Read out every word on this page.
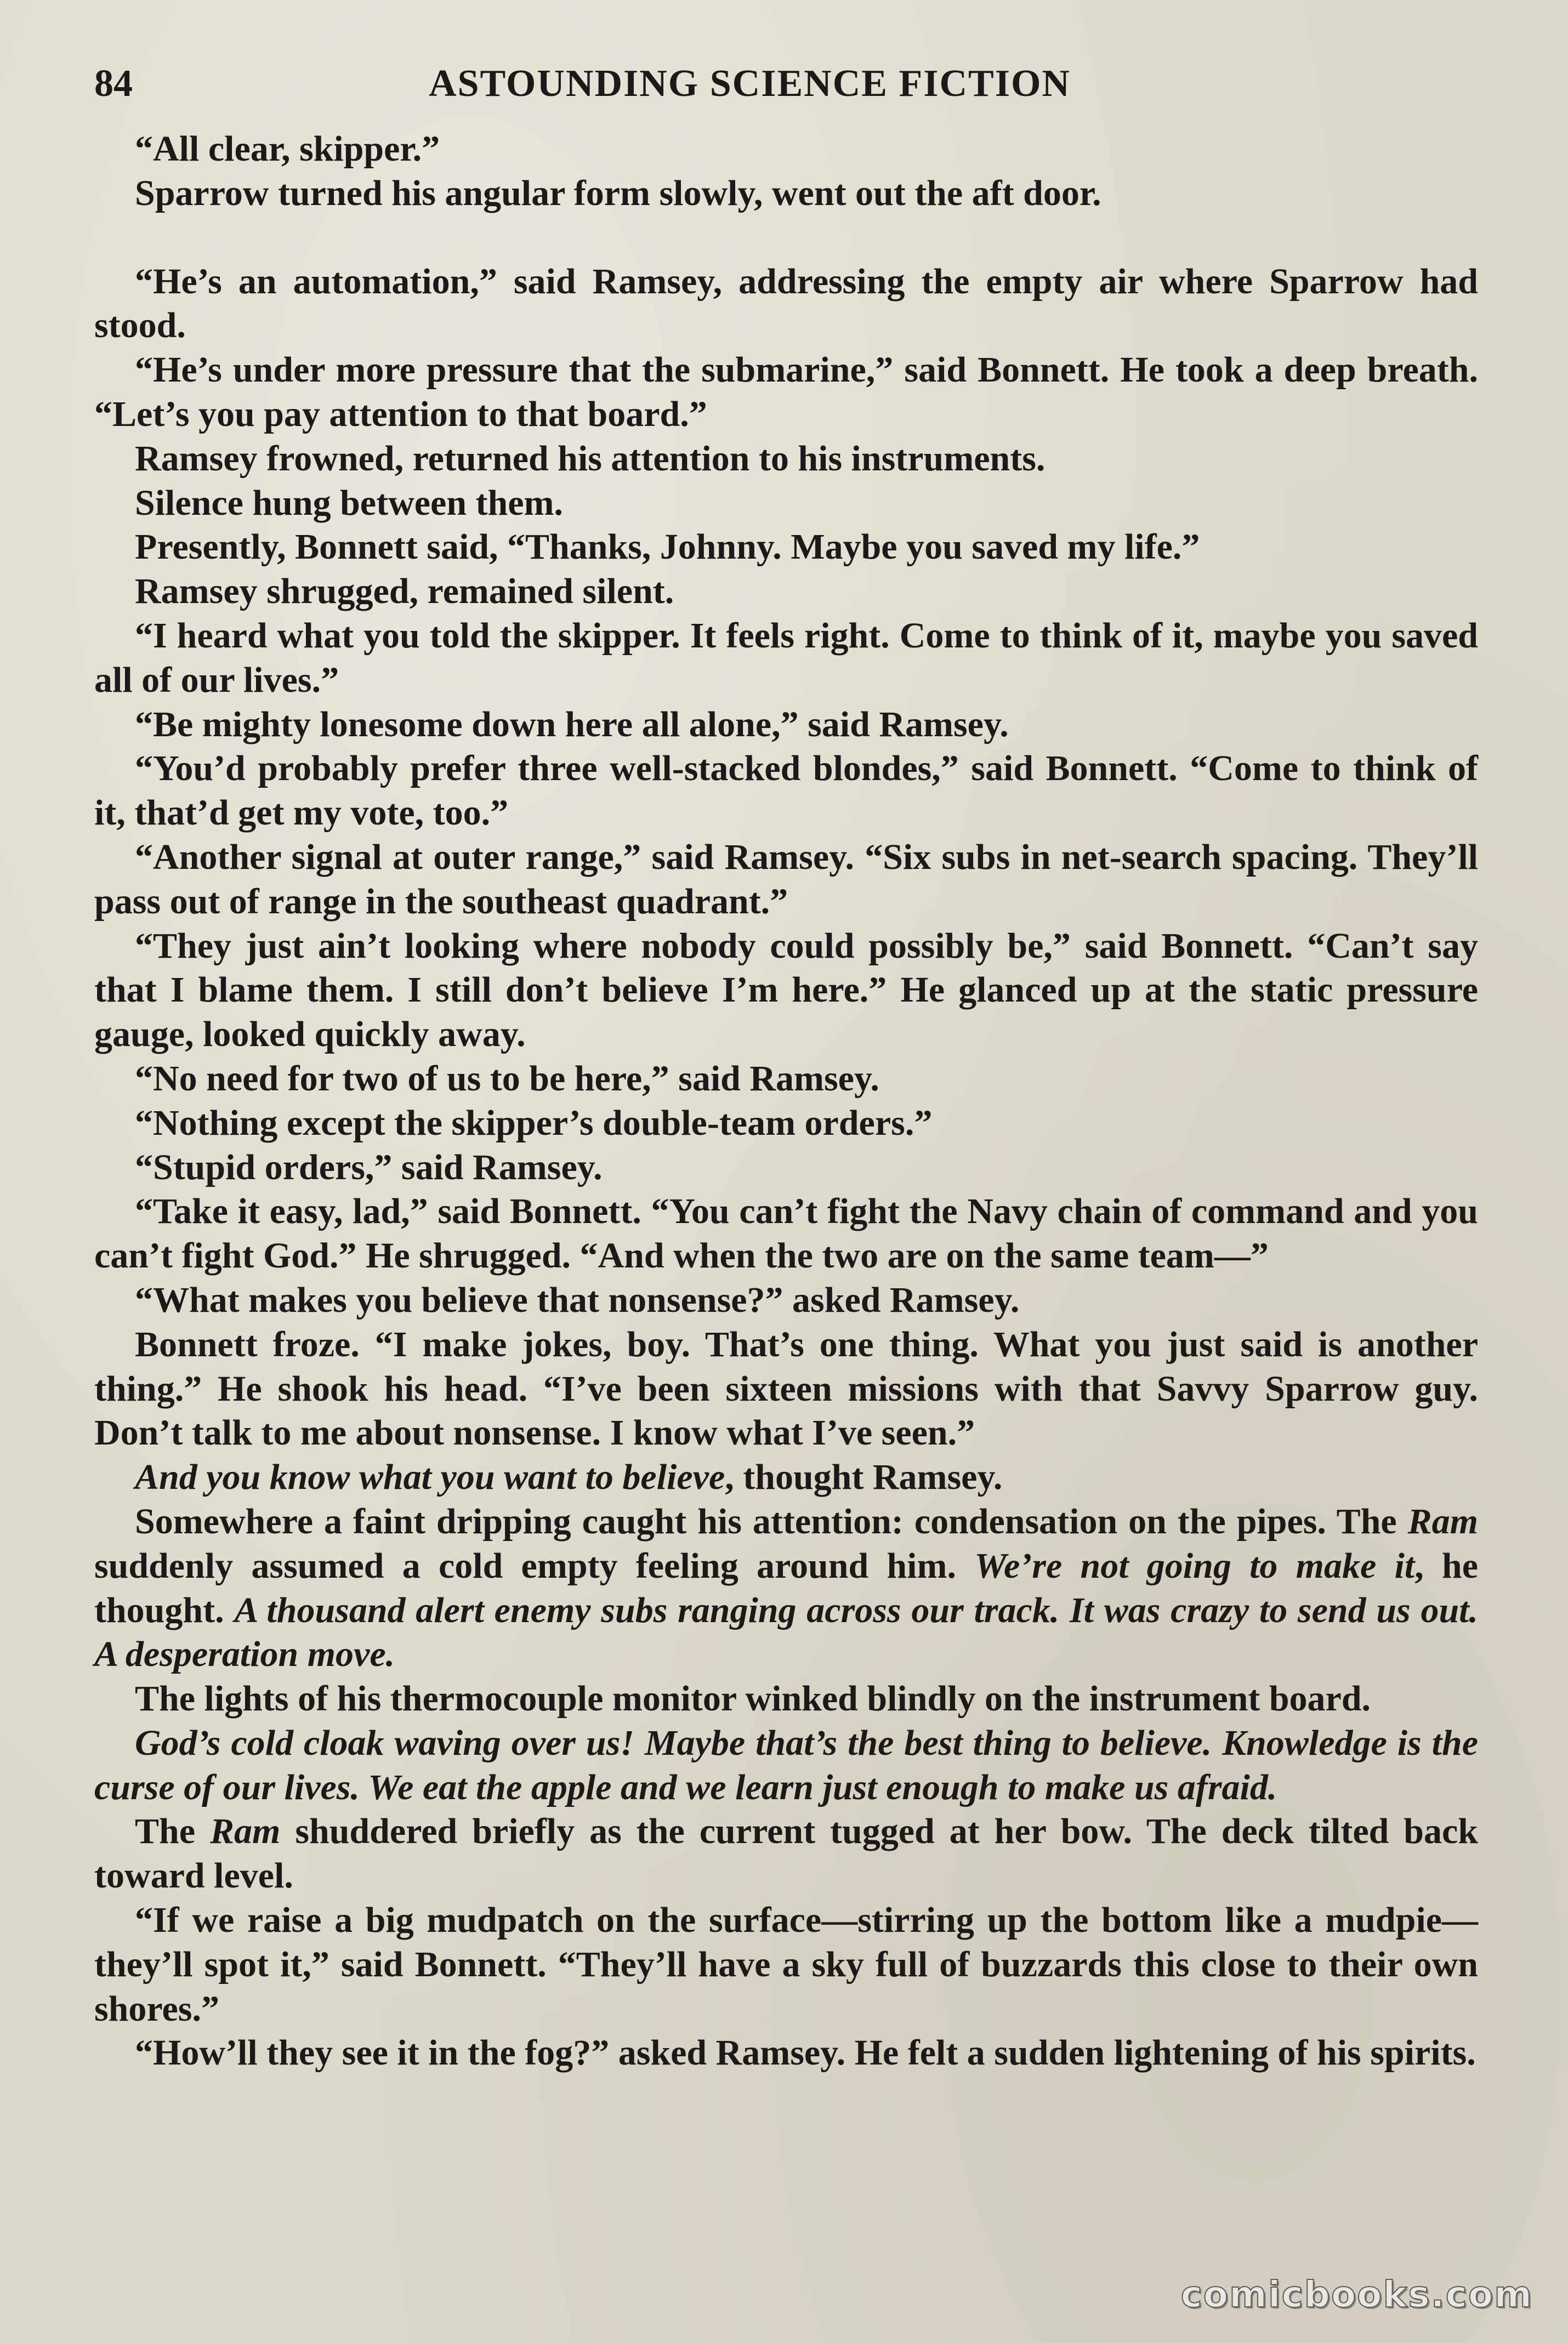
84	ASTOUNDING SCIENCE FICTION

“All clear, skipper.”

Sparrow turned his angular form slowly, went out the aft door.

“He’s an automation,” said Ramsey, addressing the empty air where Sparrow had stood.

“He’s under more pressure that the submarine,” said Bonnett. He took a deep breath. “Let’s you pay attention to that board.”

Ramsey frowned, returned his attention to his instruments.

Silence hung between them.

Presently, Bonnett said, “Thanks, Johnny. Maybe you saved my life.”

Ramsey shrugged, remained silent.

“I heard what you told the skipper. It feels right. Come to think of it, maybe you saved all of our lives.”

“Be mighty lonesome down here all alone,” said Ramsey.

“You’d probably prefer three well-stacked blondes,” said Bonnett. “Come to think of it, that’d get my vote, too.”

“Another signal at outer range,” said Ramsey. “Six subs in net-search spacing. They’ll pass out of range in the southeast quadrant.”

“They just ain’t looking where nobody could possibly be,” said Bonnett. “Can’t say that I blame them. I still don’t believe I’m here.” He glanced up at the static pressure gauge, looked quickly away.

“No need for two of us to be here,” said Ramsey.

“Nothing except the skipper’s double-team orders.”

“Stupid orders,” said Ramsey.

“Take it easy, lad,” said Bonnett. “You can’t fight the Navy chain of command and you can’t fight God.” He shrugged. “And when the two are on the same team—”

“What makes you believe that nonsense?” asked Ramsey.

Bonnett froze. “I make jokes, boy. That’s one thing. What you just said is another thing.” He shook his head. “I’ve been sixteen missions with that Savvy Sparrow guy. Don’t talk to me about nonsense. I know what I’ve seen.”

And you know what you want to believe, thought Ramsey.

Somewhere a faint dripping caught his attention: condensation on the pipes. The Ram suddenly assumed a cold empty feeling around him. We’re not going to make it, he thought. A thousand alert enemy subs ranging across our track. It was crazy to send us out. A desperation move.

The lights of his thermocouple monitor winked blindly on the instrument board.

God’s cold cloak waving over us! Maybe that’s the best thing to believe. Knowledge is the curse of our lives. We eat the apple and we learn just enough to make us afraid.

The Ram shuddered briefly as the current tugged at her bow. The deck tilted back toward level.

“If we raise a big mudpatch on the surface—stirring up the bottom like a mudpie—they’ll spot it,” said Bonnett. “They’ll have a sky full of buzzards this close to their own shores.”

“How’ll they see it in the fog?” asked Ramsey. He felt a sudden lightening of his spirits.

comicbooks.com
